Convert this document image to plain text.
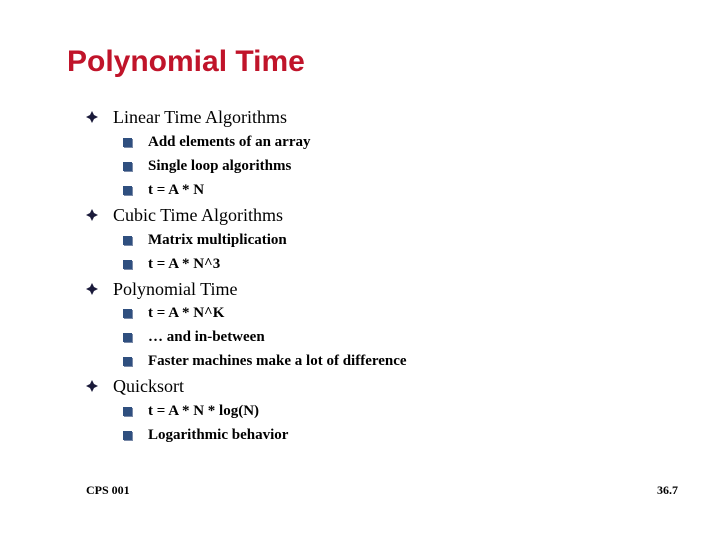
Polynomial Time
Linear Time Algorithms
Add elements of an array
Single loop algorithms
t = A * N
Cubic Time Algorithms
Matrix multiplication
t = A * N^3
Polynomial Time
t = A * N^K
… and in-between
Faster machines make a lot of difference
Quicksort
t = A * N * log(N)
Logarithmic behavior
CPS 001	36.7
